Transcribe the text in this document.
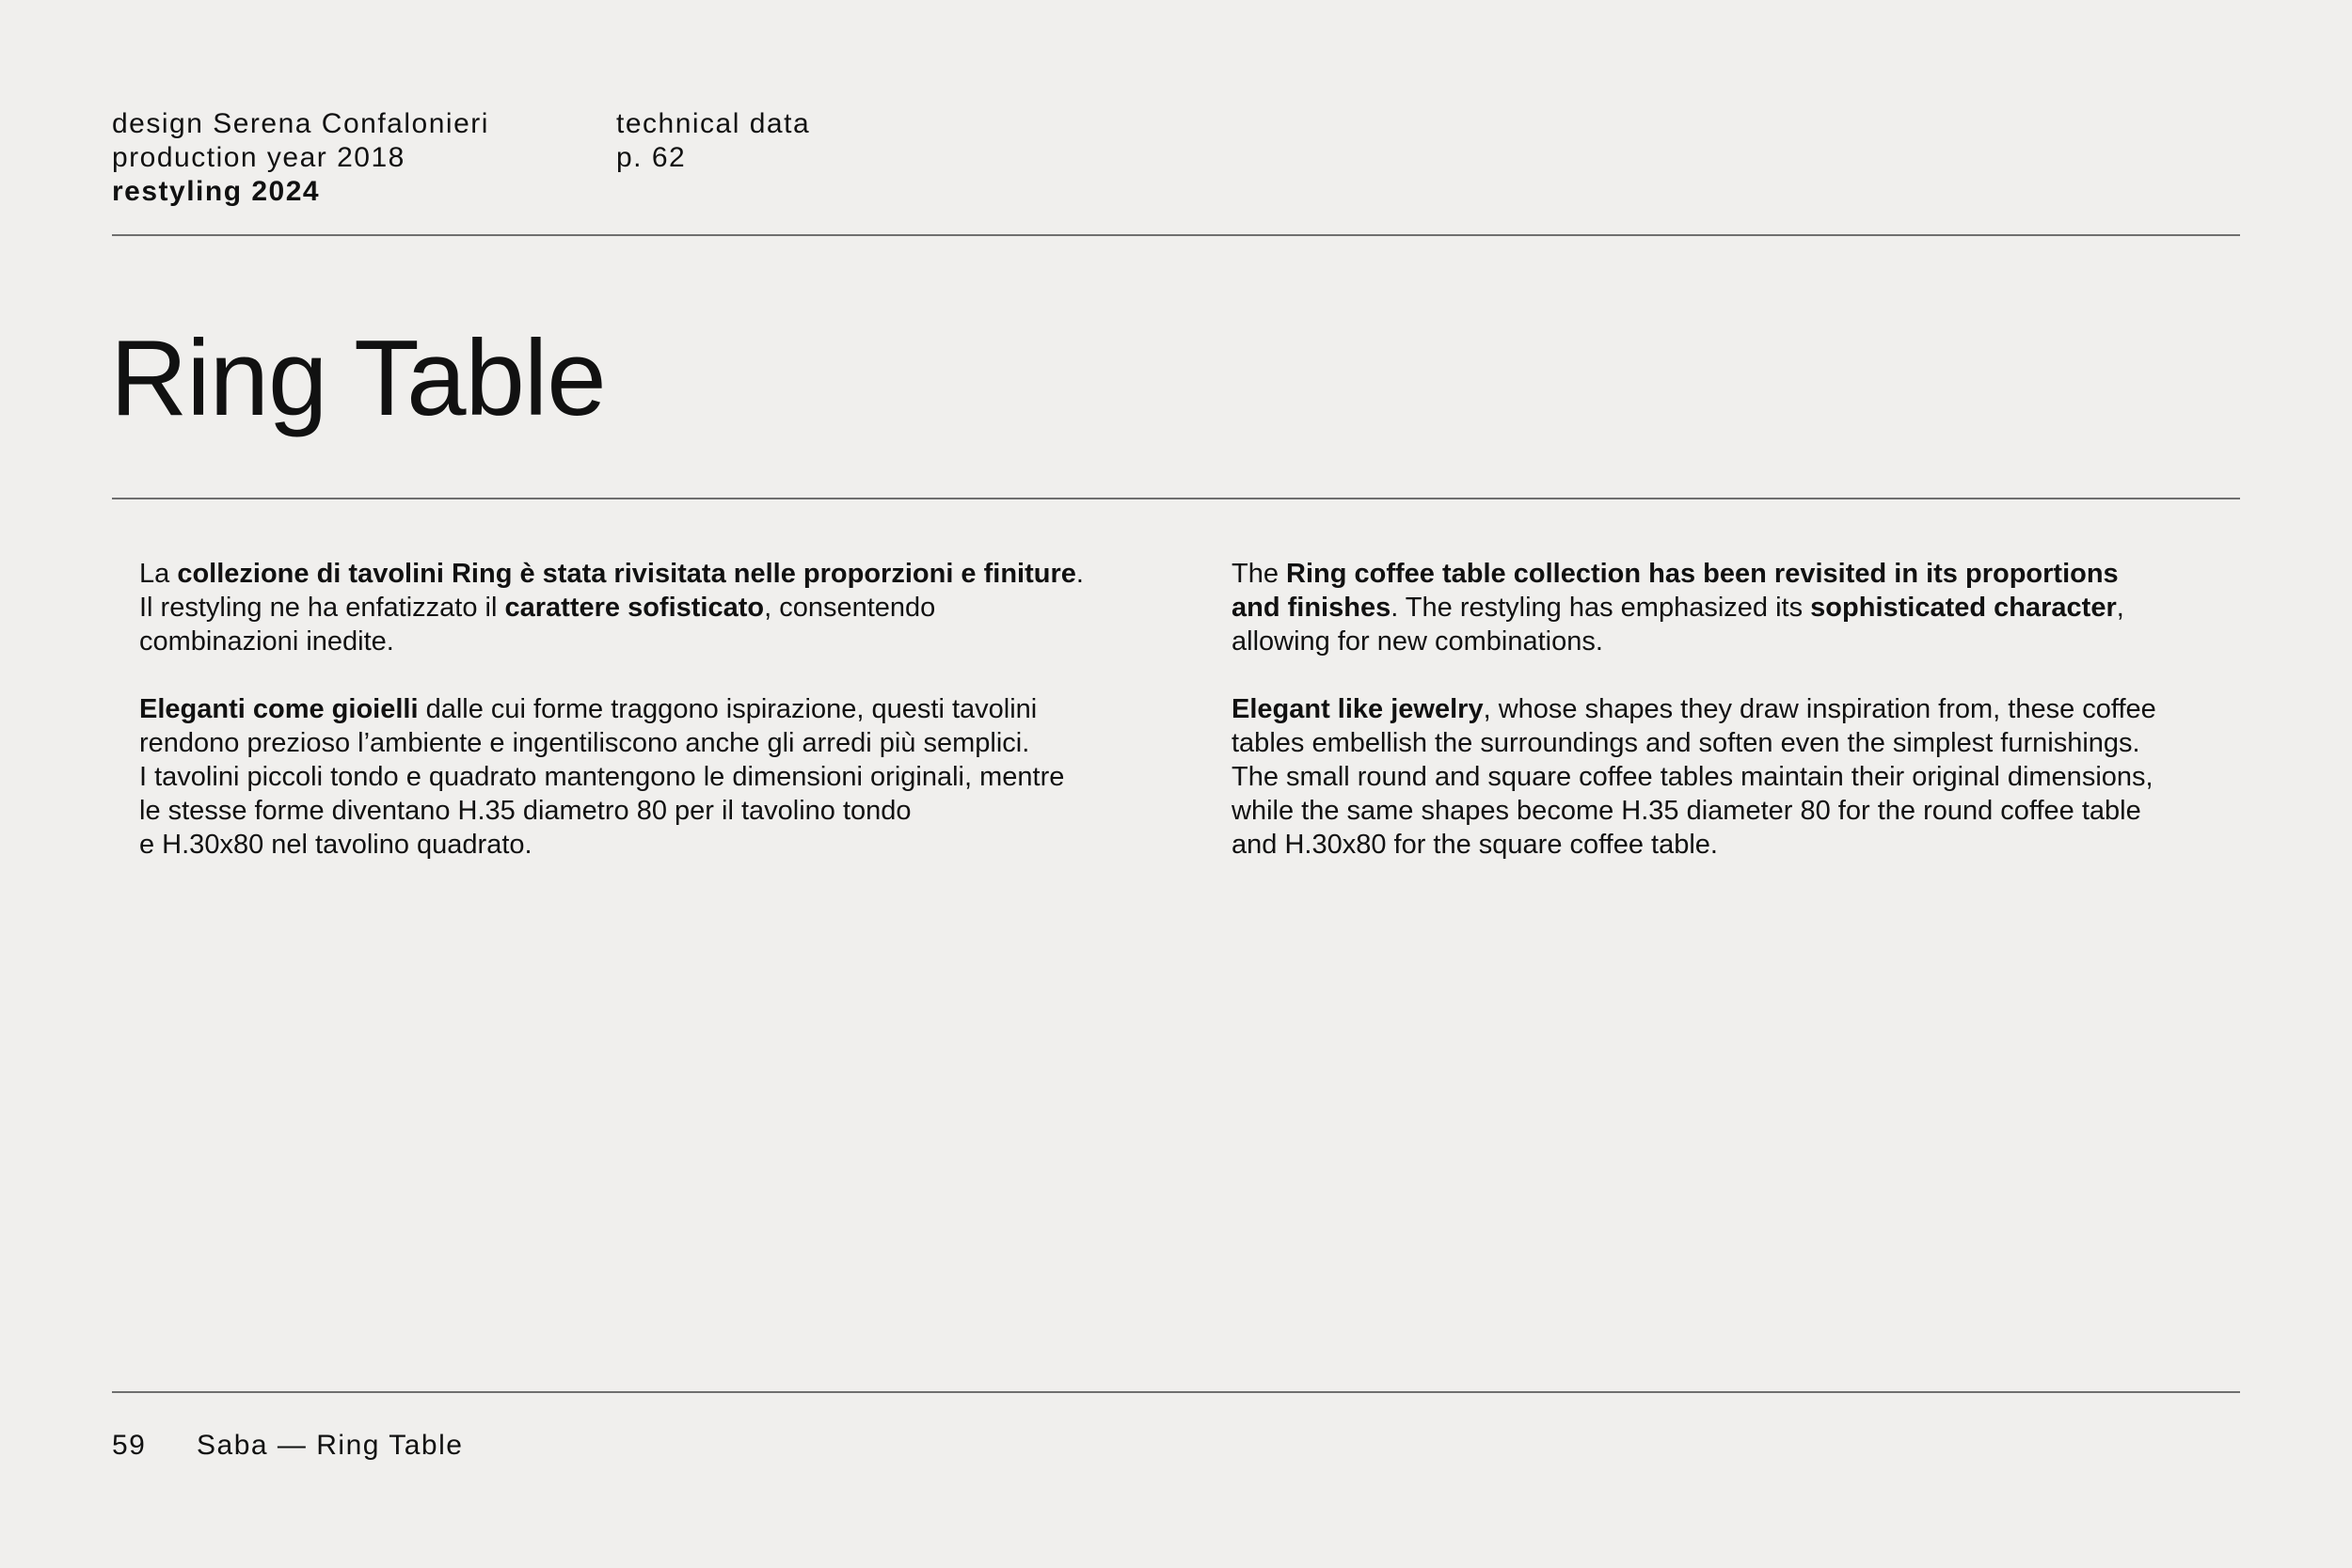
design Serena Confalonieri
production year 2018
restyling 2024
technical data
p. 62
Ring Table

La collezione di tavolini Ring è stata rivisitata nelle proporzioni e finiture.
Il restyling ne ha enfatizzato il carattere sofisticato, consentendo
combinazioni inedite.

Eleganti come gioielli dalle cui forme traggono ispirazione, questi tavolini
rendono prezioso l’ambiente e ingentiliscono anche gli arredi più semplici.
I tavolini piccoli tondo e quadrato mantengono le dimensioni originali, mentre
le stesse forme diventano H.35 diametro 80 per il tavolino tondo
e H.30x80 nel tavolino quadrato.

The Ring coffee table collection has been revisited in its proportions
and finishes. The restyling has emphasized its sophisticated character,
allowing for new combinations.

Elegant like jewelry, whose shapes they draw inspiration from, these coffee
tables embellish the surroundings and soften even the simplest furnishings.
The small round and square coffee tables maintain their original dimensions,
while the same shapes become H.35 diameter 80 for the round coffee table
and H.30x80 for the square coffee table.

59 Saba — Ring Table
